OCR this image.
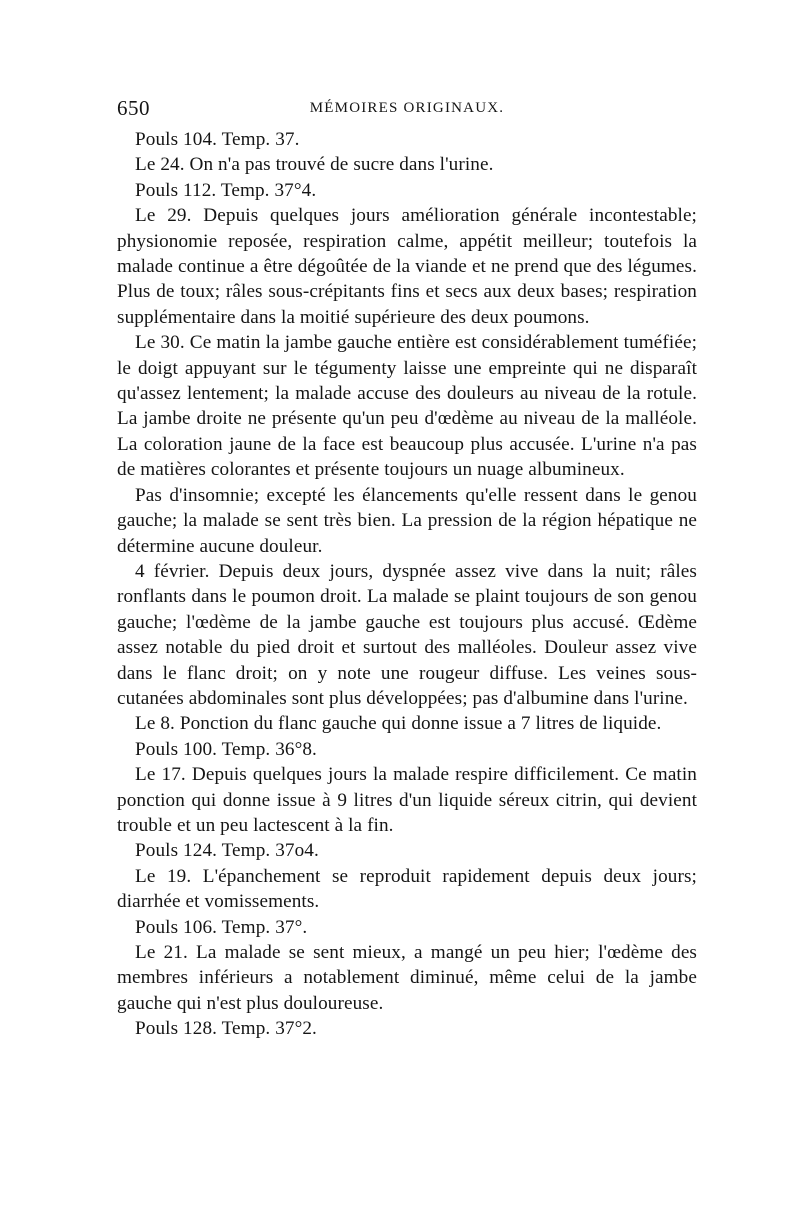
650	MÉMOIRES ORIGINAUX.

Pouls 104. Temp. 37.

Le 24. On n'a pas trouvé de sucre dans l'urine.

Pouls 112. Temp. 37°4.

Le 29. Depuis quelques jours amélioration générale incontestable; physionomie reposée, respiration calme, appétit meilleur; toutefois la malade continue a être dégoûtée de la viande et ne prend que des légumes. Plus de toux; râles sous-crépitants fins et secs aux deux bases; respiration supplémentaire dans la moitié supérieure des deux poumons.

Le 30. Ce matin la jambe gauche entière est considérablement tuméfiée; le doigt appuyant sur le tégumenty laisse une empreinte qui ne disparaît qu'assez lentement; la malade accuse des douleurs au niveau de la rotule. La jambe droite ne présente qu'un peu d'œdème au niveau de la malléole. La coloration jaune de la face est beaucoup plus accusée. L'urine n'a pas de matières colorantes et présente toujours un nuage albumineux.

Pas d'insomnie; excepté les élancements qu'elle ressent dans le genou gauche; la malade se sent très bien. La pression de la région hépatique ne détermine aucune douleur.

4 février. Depuis deux jours, dyspnée assez vive dans la nuit; râles ronflants dans le poumon droit. La malade se plaint toujours de son genou gauche; l'œdème de la jambe gauche est toujours plus accusé. Œdème assez notable du pied droit et surtout des malléoles. Douleur assez vive dans le flanc droit; on y note une rougeur diffuse. Les veines sous-cutanées abdominales sont plus développées; pas d'albumine dans l'urine.

Le 8. Ponction du flanc gauche qui donne issue a 7 litres de liquide.

Pouls 100. Temp. 36°8.

Le 17. Depuis quelques jours la malade respire difficilement. Ce matin ponction qui donne issue à 9 litres d'un liquide séreux citrin, qui devient trouble et un peu lactescent à la fin.

Pouls 124. Temp. 37o4.

Le 19. L'épanchement se reproduit rapidement depuis deux jours; diarrhée et vomissements.

Pouls 106. Temp. 37°.

Le 21. La malade se sent mieux, a mangé un peu hier; l'œdème des membres inférieurs a notablement diminué, même celui de la jambe gauche qui n'est plus douloureuse.

Pouls 128. Temp. 37°2.
